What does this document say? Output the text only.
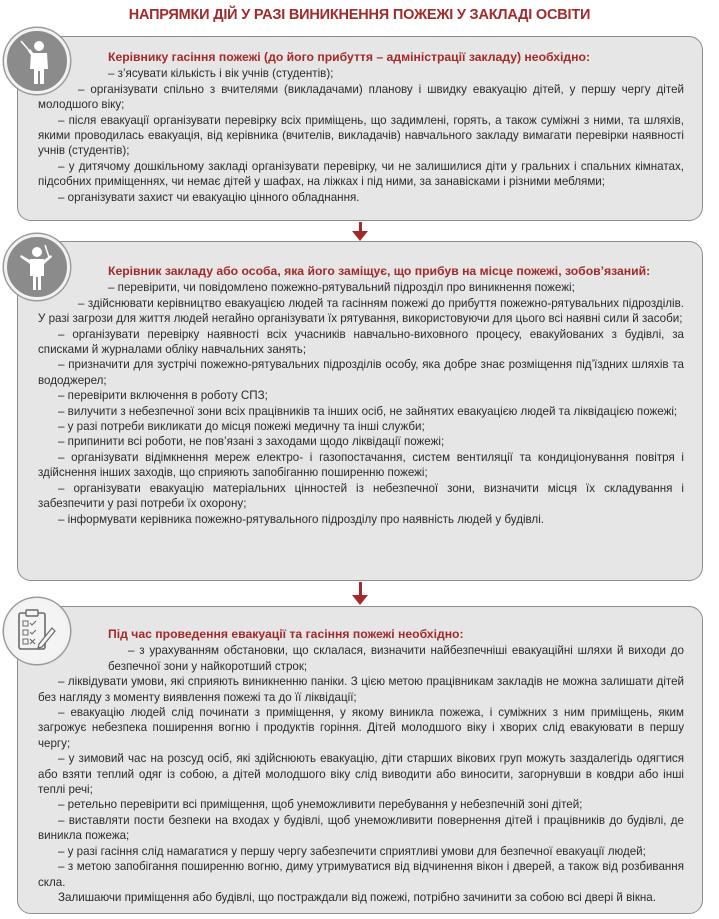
НАПРЯМКИ ДІЙ У РАЗІ ВИНИКНЕННЯ ПОЖЕЖІ У ЗАКЛАДІ ОСВІТИ
Керівнику гасіння пожежі (до його прибуття – адміністрації закладу) необхідно:
– з’ясувати кількість і вік учнів (студентів);
– організувати спільно з вчителями (викладачами) планову і швидку евакуацію дітей, у першу чергу дітей молодшого віку;
– після евакуації організувати перевірку всіх приміщень, що задимлені, горять, а також суміжні з ними, та шляхів, якими проводилась евакуація, від керівника (вчителів, викладачів) навчального закладу вимагати перевірки наявності учнів (студентів);
– у дитячому дошкільному закладі організувати перевірку, чи не залишилися діти у гральних і спальних кімнатах, підсобних приміщеннях, чи немає дітей у шафах, на ліжках і під ними, за занавісками і різними меблями;
– організувати захист чи евакуацію цінного обладнання.
Керівник закладу або особа, яка його заміщує, що прибув на місце пожежі, зобов’язаний:
– перевірити, чи повідомлено пожежно-рятувальний підрозділ про виникнення пожежі;
– здійснювати керівництво евакуацією людей та гасінням пожежі до прибуття пожежно-рятувальних підрозділів. У разі загрози для життя людей негайно організувати їх рятування, використовуючи для цього всі наявні сили й засоби;
– організувати перевірку наявності всіх учасників навчально-виховного процесу, евакуйованих з будівлі, за списками й журналами обліку навчальних занять;
– призначити для зустрічі пожежно-рятувальних підрозділів особу, яка добре знає розміщення під’їздних шляхів та вододжерел;
– перевірити включення в роботу СПЗ;
– вилучити з небезпечної зони всіх працівників та інших осіб, не зайнятих евакуацією людей та ліквідацією пожежі;
– у разі потреби викликати до місця пожежі медичну та інші служби;
– припинити всі роботи, не пов’язані з заходами щодо ліквідації пожежі;
– організувати відімкнення мереж електро- і газопостачання, систем вентиляції та кондиціонування повітря і здійснення інших заходів, що сприяють запобіганню поширенню пожежі;
– організувати евакуацію матеріальних цінностей із небезпечної зони, визначити місця їх складування і забезпечити у разі потреби їх охорону;
– інформувати керівника пожежно-рятувального підрозділу про наявність людей у будівлі.
Під час проведення евакуації та гасіння пожежі необхідно:
– з урахуванням обстановки, що склалася, визначити найбезпечніші евакуаційні шляхи й виходи до безпечної зони у найкоротший строк;
– ліквідувати умови, які сприяють виникненню паніки. З цією метою працівникам закладів не можна залишати дітей без нагляду з моменту виявлення пожежі та до її ліквідації;
– евакуацію людей слід починати з приміщення, у якому виникла пожежа, і суміжних з ним приміщень, яким загрожує небезпека поширення вогню і продуктів горіння. Дітей молодшого віку і хворих слід евакуювати в першу чергу;
– у зимовий час на розсуд осіб, які здійснюють евакуацію, діти старших вікових груп можуть заздалегідь одягтися або взяти теплий одяг із собою, а дітей молодшого віку слід виводити або виносити, загорнувши в ковдри або інші теплі речі;
– ретельно перевірити всі приміщення, щоб унеможливити перебування у небезпечній зоні дітей;
– виставляти пости безпеки на входах у будівлі, щоб унеможливити повернення дітей і працівників до будівлі, де виникла пожежа;
– у разі гасіння слід намагатися у першу чергу забезпечити сприятливі умови для безпечної евакуації людей;
– з метою запобігання поширенню вогню, диму утримуватися від відчинення вікон і дверей, а також від розбивання скла.
Залишаючи приміщення або будівлі, що постраждали від пожежі, потрібно зачинити за собою всі двері й вікна.
